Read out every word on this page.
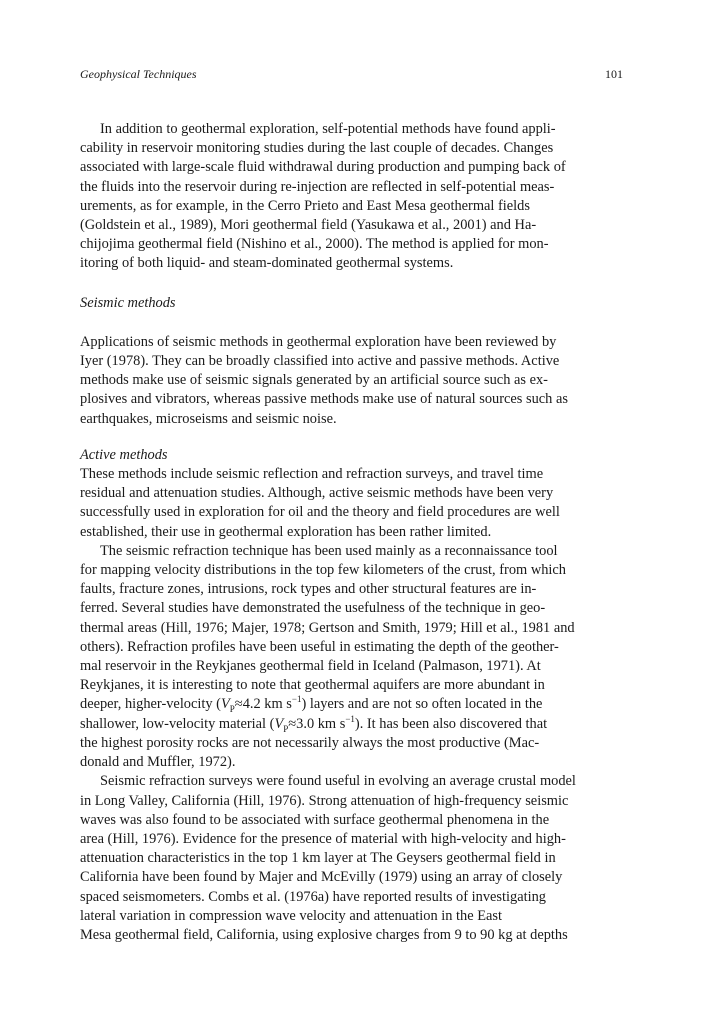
Geophysical Techniques	101

In addition to geothermal exploration, self-potential methods have found appli-
cability in reservoir monitoring studies during the last couple of decades. Changes
associated with large-scale fluid withdrawal during production and pumping back of
the fluids into the reservoir during re-injection are reflected in self-potential meas-
urements, as for example, in the Cerro Prieto and East Mesa geothermal fields
(Goldstein et al., 1989), Mori geothermal field (Yasukawa et al., 2001) and Ha-
chijojima geothermal field (Nishino et al., 2000). The method is applied for mon-
itoring of both liquid- and steam-dominated geothermal systems.

Seismic methods

Applications of seismic methods in geothermal exploration have been reviewed by
Iyer (1978). They can be broadly classified into active and passive methods. Active
methods make use of seismic signals generated by an artificial source such as ex-
plosives and vibrators, whereas passive methods make use of natural sources such as
earthquakes, microseisms and seismic noise.

Active methods

These methods include seismic reflection and refraction surveys, and travel time
residual and attenuation studies. Although, active seismic methods have been very
successfully used in exploration for oil and the theory and field procedures are well
established, their use in geothermal exploration has been rather limited.

The seismic refraction technique has been used mainly as a reconnaissance tool
for mapping velocity distributions in the top few kilometers of the crust, from which
faults, fracture zones, intrusions, rock types and other structural features are in-
ferred. Several studies have demonstrated the usefulness of the technique in geo-
thermal areas (Hill, 1976; Majer, 1978; Gertson and Smith, 1979; Hill et al., 1981 and
others). Refraction profiles have been useful in estimating the depth of the geother-
mal reservoir in the Reykjanes geothermal field in Iceland (Palmason, 1971). At
Reykjanes, it is interesting to note that geothermal aquifers are more abundant in
deeper, higher-velocity ($V_P\approx 4.2$ km $s^{-1}$) layers and are not so often located in the
shallower, low-velocity material ($V_P\approx 3.0$ km $s^{-1}$). It has been also discovered that
the highest porosity rocks are not necessarily always the most productive (Mac-
donald and Muffler, 1972).

Seismic refraction surveys were found useful in evolving an average crustal model
in Long Valley, California (Hill, 1976). Strong attenuation of high-frequency seismic
waves was also found to be associated with surface geothermal phenomena in the
area (Hill, 1976). Evidence for the presence of material with high-velocity and high-
attenuation characteristics in the top 1 km layer at The Geysers geothermal field in
California have been found by Majer and McEvilly (1979) using an array of closely
spaced seismometers. Combs et al. (1976a) have reported results of investigating
lateral variation in compression wave velocity and attenuation in the East
Mesa geothermal field, California, using explosive charges from 9 to 90 kg at depths
